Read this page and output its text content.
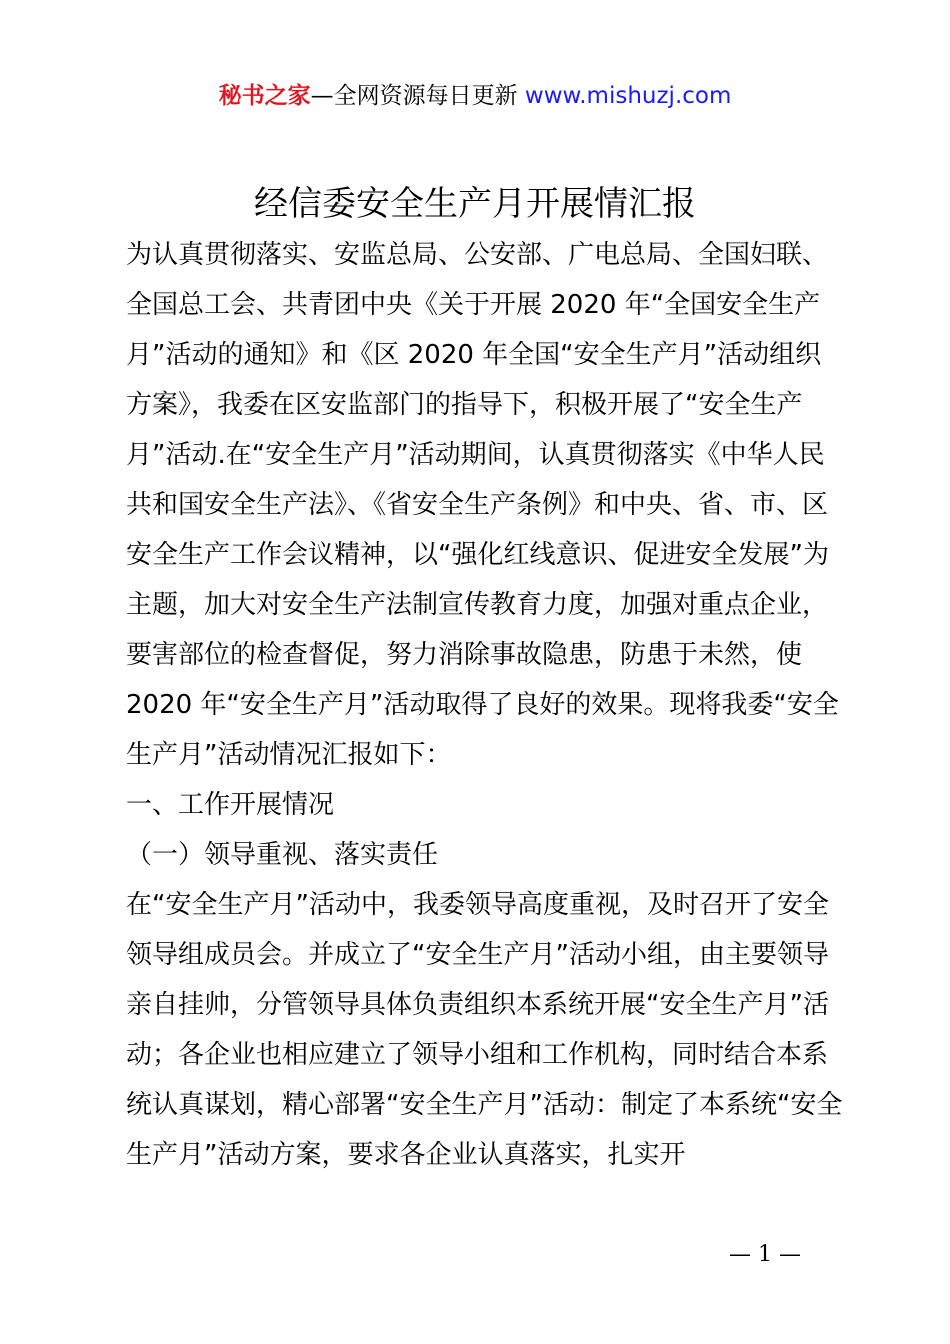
秘书之家—全网资源每日更新 www.mishuzj.com
经信委安全生产月开展情汇报

为认真贯彻落实、安监总局、公安部、广电总局、全国妇联、全国总工会、共青团中央《关于开展 2020 年“全国安全生产月”活动的通知》和《区 2020 年全国“安全生产月”活动组织方案》，我委在区安监部门的指导下，积极开展了“安全生产月”活动.在“安全生产月”活动期间，认真贯彻落实《中华人民共和国安全生产法》、《省安全生产条例》和中央、省、市、区安全生产工作会议精神，以“强化红线意识、促进安全发展”为主题，加大对安全生产法制宣传教育力度，加强对重点企业，要害部位的检查督促，努力消除事故隐患，防患于未然，使 2020 年“安全生产月”活动取得了良好的效果。现将我委“安全生产月”活动情况汇报如下：

一、工作开展情况

（一）领导重视、落实责任

在“安全生产月”活动中，我委领导高度重视，及时召开了安全领导组成员会。并成立了“安全生产月”活动小组，由主要领导亲自挂帅，分管领导具体负责组织本系统开展“安全生产月”活动；各企业也相应建立了领导小组和工作机构，同时结合本系统认真谋划，精心部署“安全生产月”活动：制定了本系统“安全生产月”活动方案，要求各企业认真落实，扎实开

— 1 —
